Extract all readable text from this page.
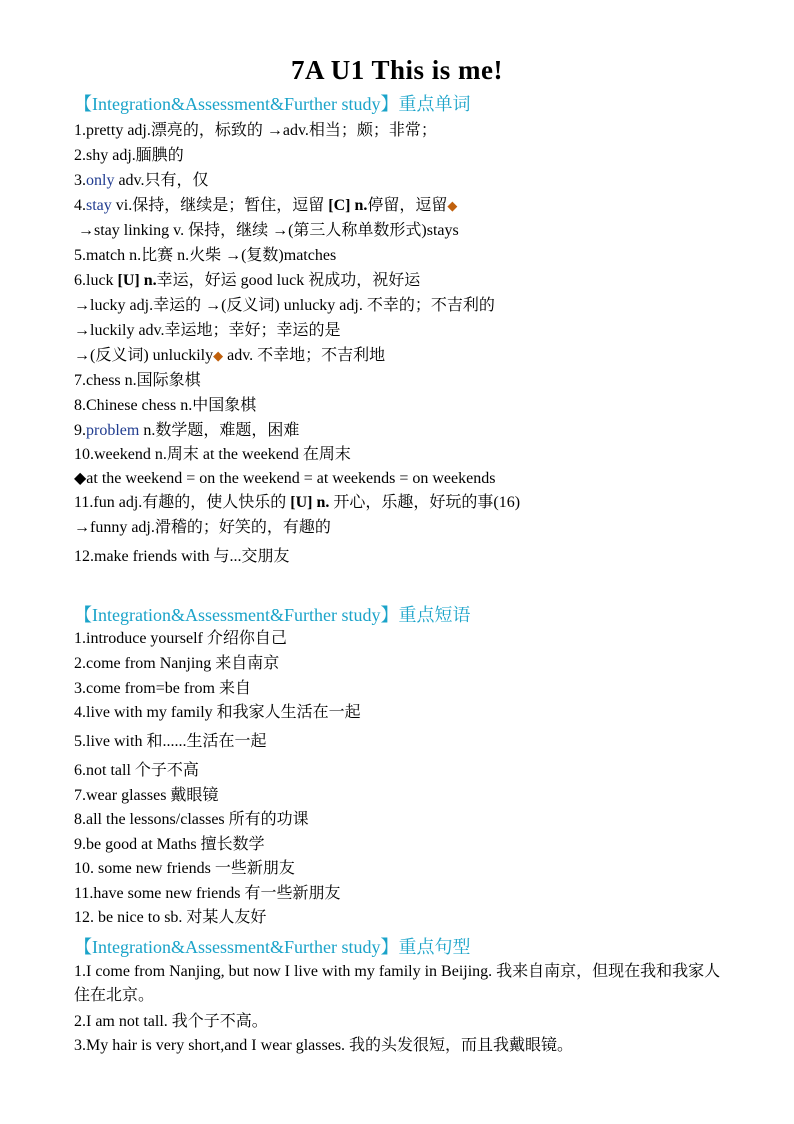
7A U1 This is me!
【Integration&Assessment&Further study】重点单词
1.pretty adj.漂亮的，标致的 →adv.相当；颇；非常；
2.shy adj.腼腆的
3.only adv.只有，仅
4.stay vi.保持，继续是；暂住，逗留 [C] n.停留，逗留◆
→stay linking v. 保持，继续 →(第三人称单数形式)stays
5.match n.比赛 n.火柴 →(复数)matches
6.luck [U] n.幸运，好运 good luck 祝成功，祝好运
→lucky adj.幸运的 →(反义词) unlucky adj. 不幸的；不吉利的
→luckily adv.幸运地；幸好；幸运的是
→(反义词) unluckily◆ adv. 不幸地；不吉利地
7.chess n.国际象棋
8.Chinese chess n.中国象棋
9.problem n.数学题，难题，困难
10.weekend n.周末 at the weekend 在周末
◆at the weekend = on the weekend = at weekends = on weekends
11.fun adj.有趣的，使人快乐的 [U] n. 开心，乐趣，好玩的事(16)
→funny adj.滑稽的；好笑的，有趣的
12.make friends with 与...交朋友
【Integration&Assessment&Further study】重点短语
1.introduce yourself 介绍你自己
2.come from Nanjing 来自南京
3.come from=be from 来自
4.live with my family 和我家人生活在一起
5.live with 和......生活在一起
6.not tall 个子不高
7.wear glasses 戴眼镜
8.all the lessons/classes 所有的功课
9.be good at Maths 擅长数学
10. some new friends 一些新朋友
11.have some new friends 有一些新朋友
12. be nice to sb. 对某人友好
【Integration&Assessment&Further study】重点句型
1.I come from Nanjing, but now I live with my family in Beijing. 我来自南京，但现在我和我家人住在北京。
2.I am not tall. 我个子不高。
3.My hair is very short,and I wear glasses. 我的头发很短，而且我戴眼镜。
